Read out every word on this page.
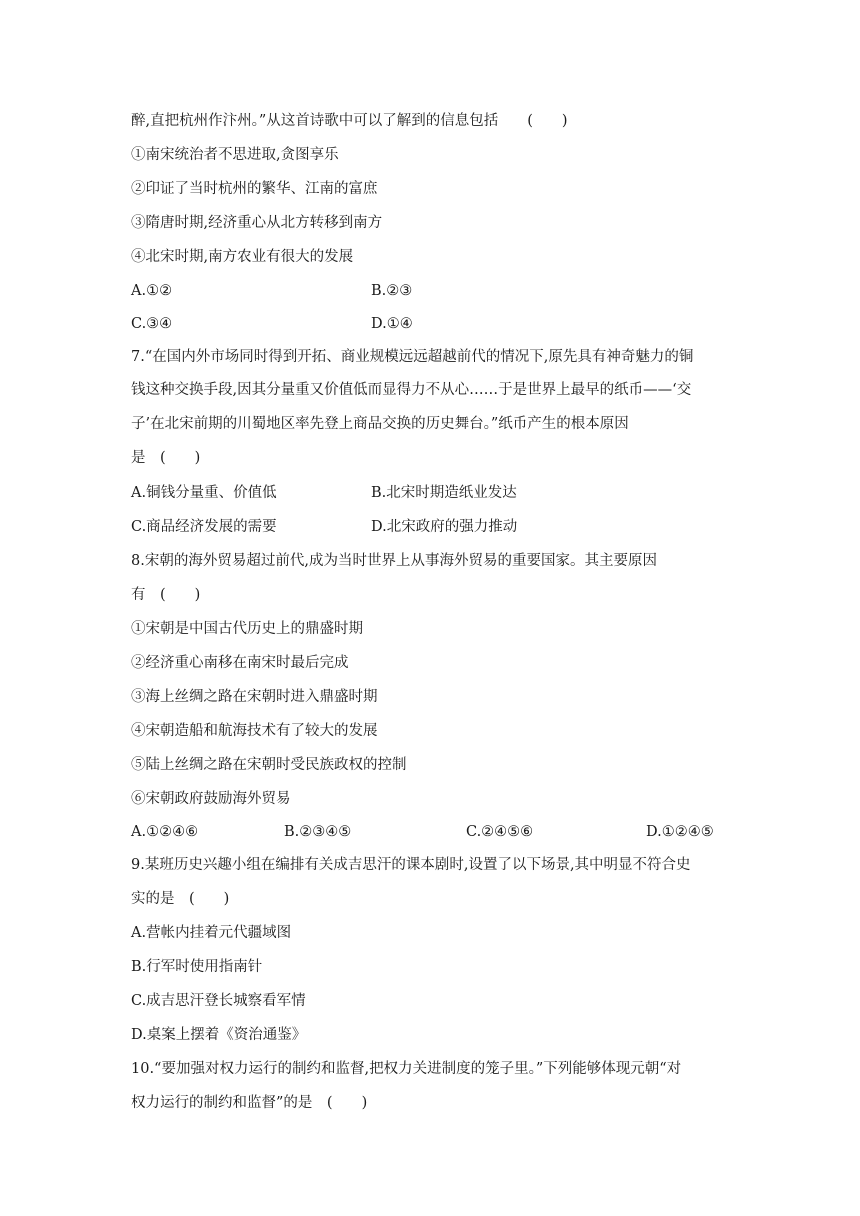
醉,直把杭州作汴州。”从这首诗歌中可以了解到的信息包括　　(　　)
①南宋统治者不思进取,贪图享乐
②印证了当时杭州的繁华、江南的富庶
③隋唐时期,经济重心从北方转移到南方
④北宋时期,南方农业有很大的发展
A.①②	B.②③
C.③④	D.①④
7.“在国内外市场同时得到开拓、商业规模远远超越前代的情况下,原先具有神奇魅力的铜
钱这种交换手段,因其分量重又价值低而显得力不从心……于是世界上最早的纸币——‘交
子’在北宋前期的川蜀地区率先登上商品交换的历史舞台。”纸币产生的根本原因
是　(　　)
A.铜钱分量重、价值低	B.北宋时期造纸业发达
C.商品经济发展的需要	D.北宋政府的强力推动
8.宋朝的海外贸易超过前代,成为当时世界上从事海外贸易的重要国家。其主要原因
有　(　　)
①宋朝是中国古代历史上的鼎盛时期
②经济重心南移在南宋时最后完成
③海上丝绸之路在宋朝时进入鼎盛时期
④宋朝造船和航海技术有了较大的发展
⑤陆上丝绸之路在宋朝时受民族政权的控制
⑥宋朝政府鼓励海外贸易
A.①②④⑥	B.②③④⑤	C.②④⑤⑥	D.①②④⑤
9.某班历史兴趣小组在编排有关成吉思汗的课本剧时,设置了以下场景,其中明显不符合史
实的是　(　　)
A.营帐内挂着元代疆域图
B.行军时使用指南针
C.成吉思汗登长城察看军情
D.桌案上摆着《资治通鉴》
10.“要加强对权力运行的制约和监督,把权力关进制度的笼子里。”下列能够体现元朝“对
权力运行的制约和监督”的是　(　　)
